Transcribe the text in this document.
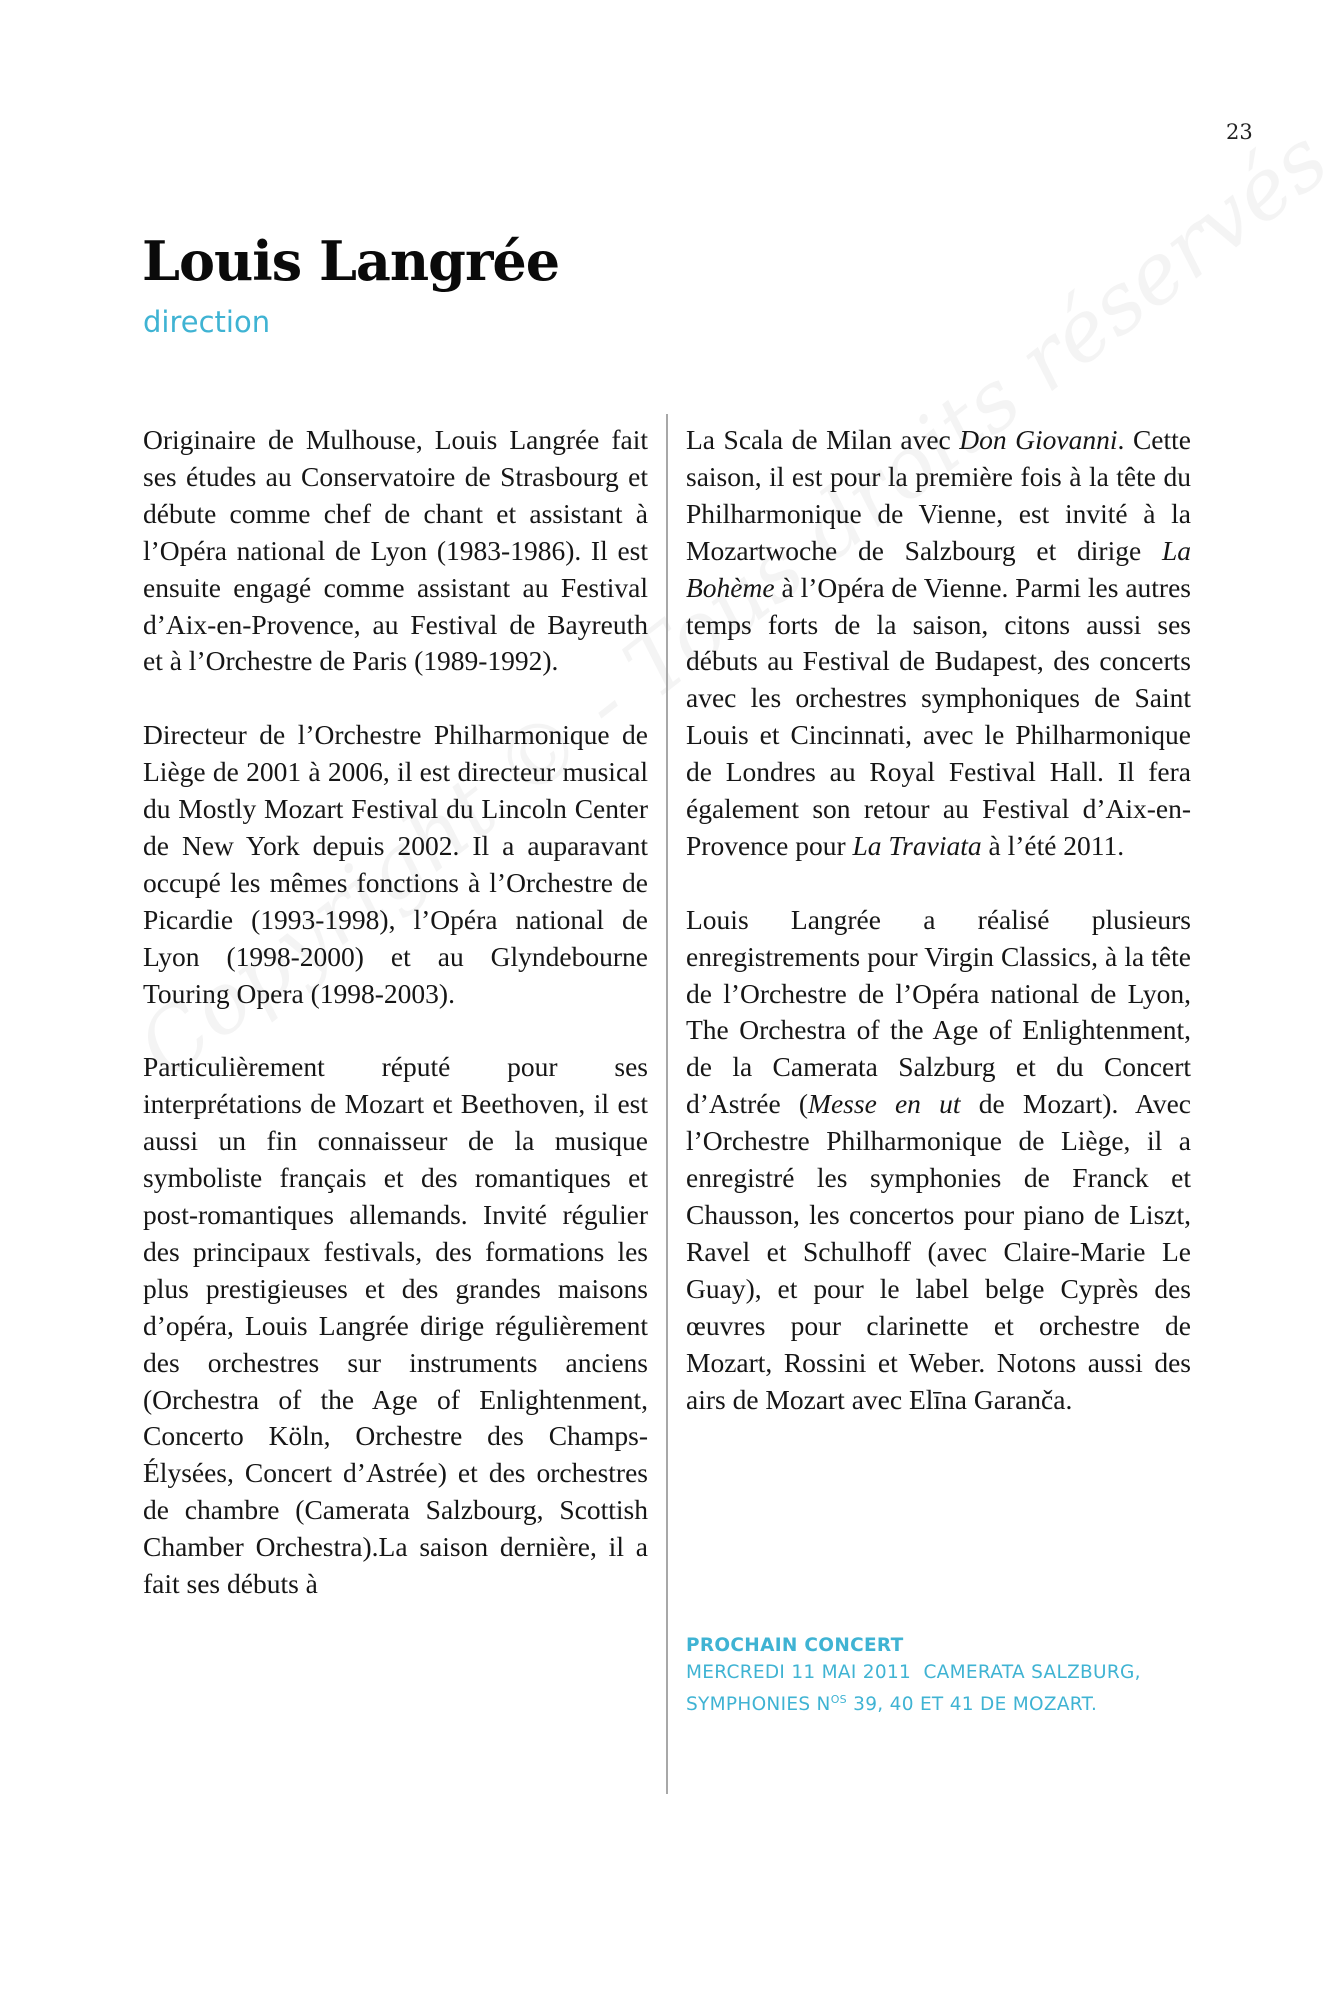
23
Louis Langrée
direction

Originaire de Mulhouse, Louis Langrée fait ses études au Conservatoire de Strasbourg et débute comme chef de chant et assistant à l’Opéra national de Lyon (1983-1986). Il est ensuite engagé comme assistant au Festival d’Aix-en-Provence, au Festival de Bayreuth et à l’Orchestre de Paris (1989-1992).

Directeur de l’Orchestre Philharmonique de Liège de 2001 à 2006, il est directeur musical du Mostly Mozart Festival du Lincoln Center de New York depuis 2002. Il a auparavant occupé les mêmes fonctions à l’Orchestre de Picardie (1993-1998), l’Opéra national de Lyon (1998-2000) et au Glyndebourne Touring Opera (1998-2003).

Particulièrement réputé pour ses interprétations de Mozart et Beethoven, il est aussi un fin connaisseur de la musique symboliste français et des romantiques et post-romantiques allemands. Invité régulier des principaux festivals, des formations les plus prestigieuses et des grandes maisons d’opéra, Louis Langrée dirige régulièrement des orchestres sur instruments anciens (Orchestra of the Age of Enlightenment, Concerto Köln, Orchestre des Champs-Élysées, Concert d’Astrée) et des orchestres de chambre (Camerata Salzbourg, Scottish Chamber Orchestra).La saison dernière, il a fait ses débuts à

La Scala de Milan avec Don Giovanni. Cette saison, il est pour la première fois à la tête du Philharmonique de Vienne, est invité à la Mozartwoche de Salzbourg et dirige La Bohème à l’Opéra de Vienne. Parmi les autres temps forts de la saison, citons aussi ses débuts au Festival de Budapest, des concerts avec les orchestres symphoniques de Saint Louis et Cincinnati, avec le Philharmonique de Londres au Royal Festival Hall. Il fera également son retour au Festival d’Aix-en-Provence pour La Traviata à l’été 2011.

Louis Langrée a réalisé plusieurs enregistrements pour Virgin Classics, à la tête de l’Orchestre de l’Opéra national de Lyon, The Orchestra of the Age of Enlightenment, de la Camerata Salzburg et du Concert d’Astrée (Messe en ut de Mozart). Avec l’Orchestre Philharmonique de Liège, il a enregistré les symphonies de Franck et Chausson, les concertos pour piano de Liszt, Ravel et Schulhoff (avec Claire-Marie Le Guay), et pour le label belge Cyprès des œuvres pour clarinette et orchestre de Mozart, Rossini et Weber. Notons aussi des airs de Mozart avec Elīna Garanča.

PROCHAIN CONCERT
MERCREDI 11 MAI 2011 CAMERATA SALZBURG,
SYMPHONIES $N^{OS}$ 39, 40 ET 41 DE MOZART.
